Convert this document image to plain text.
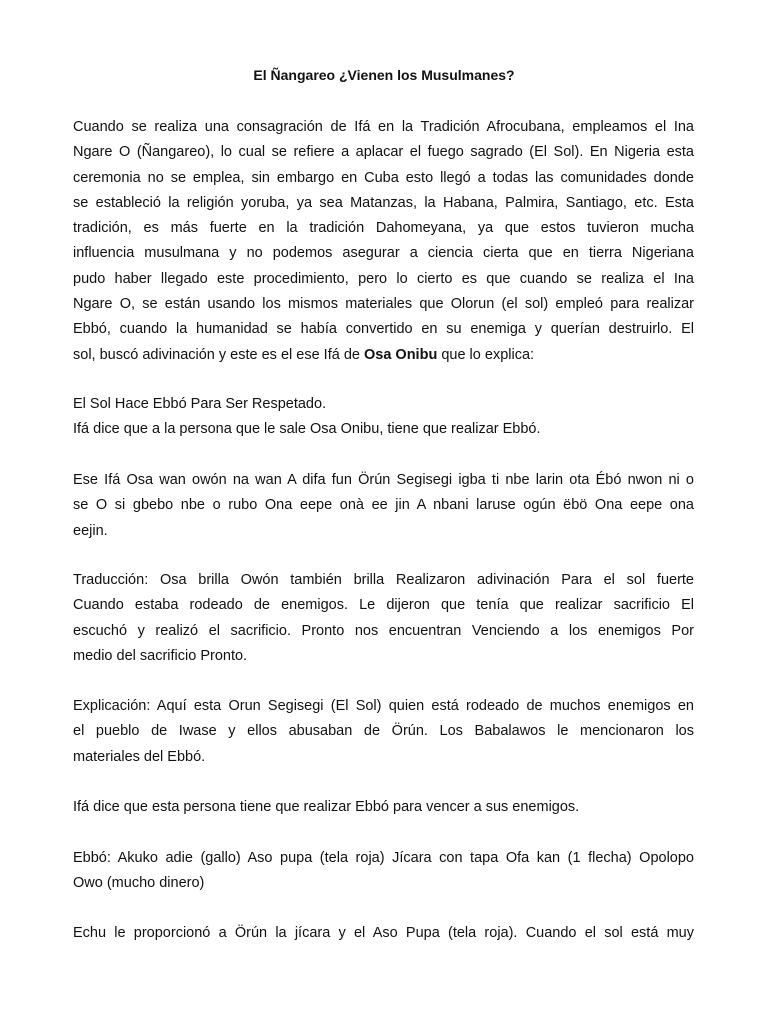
El Ñangareo ¿Vienen los Musulmanes?
Cuando se realiza una consagración de Ifá en la Tradición Afrocubana, empleamos el Ina
Ngare O (Ñangareo), lo cual se refiere a aplacar el fuego sagrado (El Sol). En Nigeria esta
ceremonia no se emplea, sin embargo en Cuba esto llegó a todas las comunidades donde
se estableció la religión yoruba, ya sea Matanzas, la Habana, Palmira, Santiago, etc. Esta
tradición, es más fuerte en la tradición Dahomeyana, ya que estos tuvieron mucha
influencia musulmana y no podemos asegurar a ciencia cierta que en tierra Nigeriana
pudo haber llegado este procedimiento, pero lo cierto es que cuando se realiza el Ina
Ngare O, se están usando los mismos materiales que Olorun (el sol) empleó para realizar
Ebbó, cuando la humanidad se había convertido en su enemiga y querían destruirlo. El
sol, buscó adivinación y este es el ese Ifá de Osa Onibu que lo explica:
El Sol Hace Ebbó Para Ser Respetado.
Ifá dice que a la persona que le sale Osa Onibu, tiene que realizar Ebbó.
Ese Ifá Osa wan owón na wan A difa fun Örún Segisegi igba ti nbe larin ota Ébó nwon ni o
se O si gbebo nbe o rubo Ona eepe onà ee jin A nbani laruse ogún ëbö Ona eepe ona
eejin.
Traducción: Osa brilla Owón también brilla Realizaron adivinación Para el sol fuerte
Cuando estaba rodeado de enemigos. Le dijeron que tenía que realizar sacrificio El
escuchó y realizó el sacrificio. Pronto nos encuentran Venciendo a los enemigos Por
medio del sacrificio Pronto.
Explicación: Aquí esta Orun Segisegi (El Sol) quien está rodeado de muchos enemigos en
el pueblo de Iwase y ellos abusaban de Örún. Los Babalawos le mencionaron los
materiales del Ebbó.
Ifá dice que esta persona tiene que realizar Ebbó para vencer a sus enemigos.
Ebbó: Akuko adie (gallo) Aso pupa (tela roja) Jícara con tapa Ofa kan (1 flecha) Opolopo
Owo (mucho dinero)
Echu le proporcionó a Örún la jícara y el Aso Pupa (tela roja). Cuando el sol está muy
